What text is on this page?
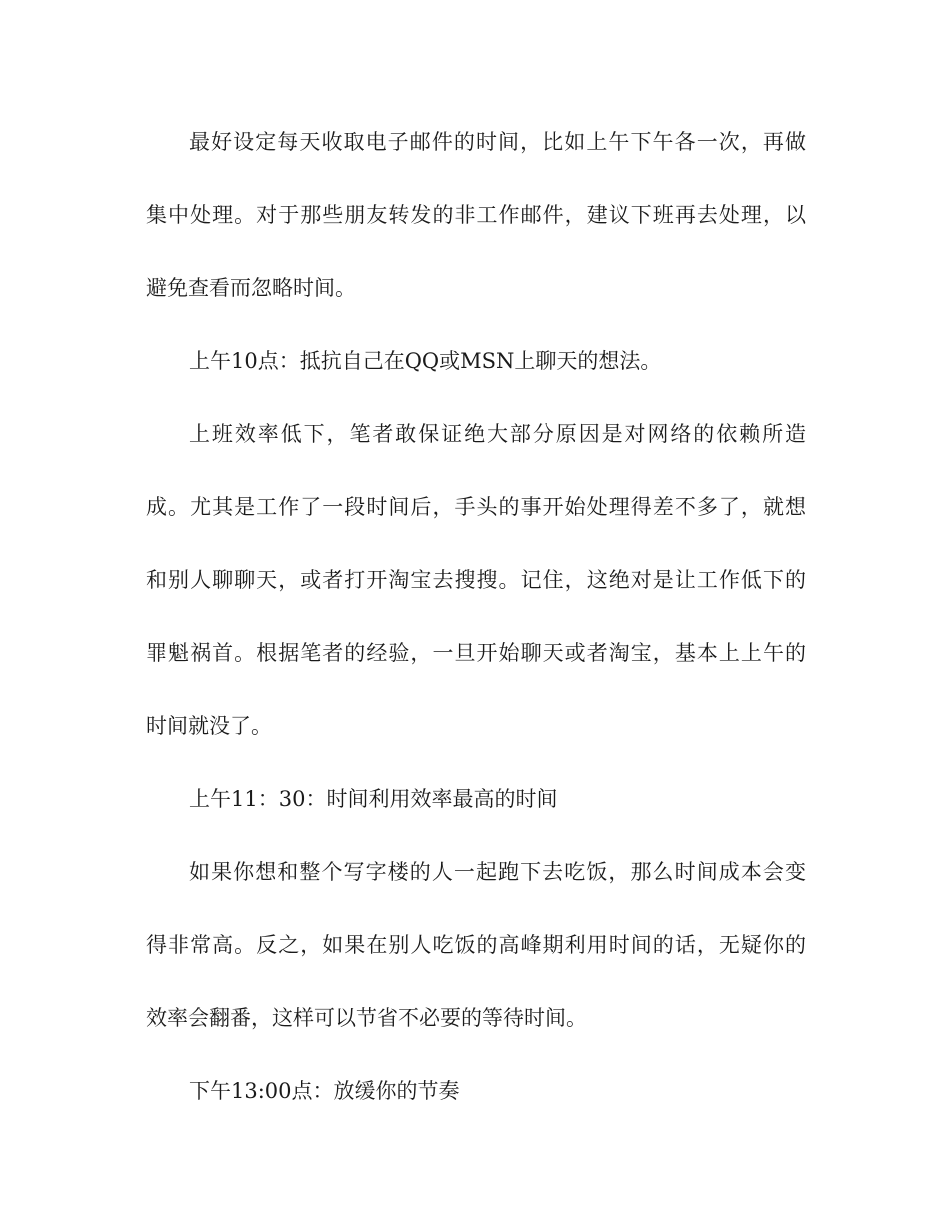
最好设定每天收取电子邮件的时间，比如上午下午各一次，再做

集中处理。对于那些朋友转发的非工作邮件，建议下班再去处理，以

避免查看而忽略时间。

上午10点：抵抗自己在QQ或MSN上聊天的想法。

上班效率低下，笔者敢保证绝大部分原因是对网络的依赖所造

成。尤其是工作了一段时间后，手头的事开始处理得差不多了，就想

和别人聊聊天，或者打开淘宝去搜搜。记住，这绝对是让工作低下的

罪魁祸首。根据笔者的经验，一旦开始聊天或者淘宝，基本上上午的

时间就没了。

上午11：30：时间利用效率最高的时间

如果你想和整个写字楼的人一起跑下去吃饭，那么时间成本会变

得非常高。反之，如果在别人吃饭的高峰期利用时间的话，无疑你的

效率会翻番，这样可以节省不必要的等待时间。

下午13:00点：放缓你的节奏
